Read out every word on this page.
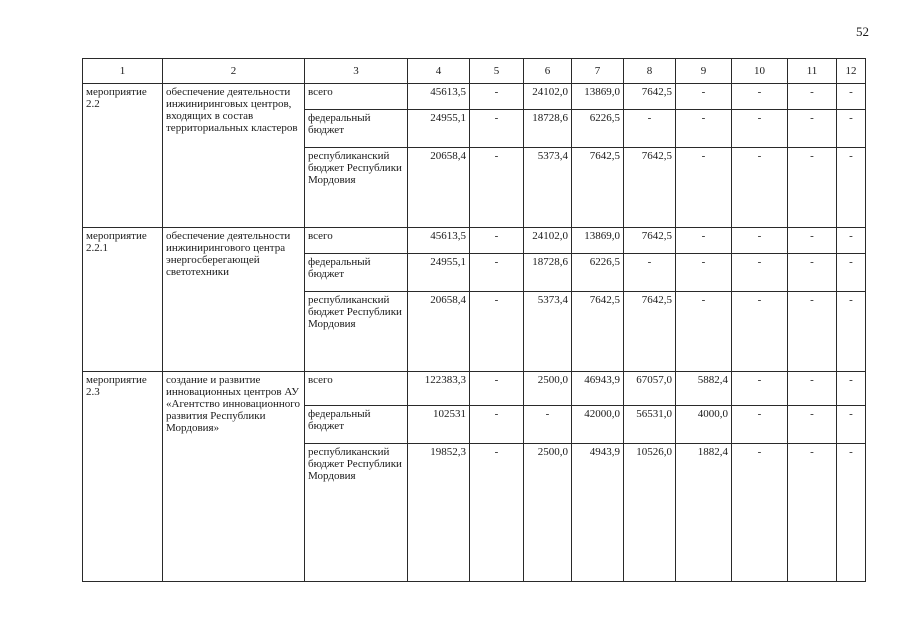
52
1	2	3	4	5	6	7	8	9	10	11	12
мероприятие 2.2	обеспечение деятельности инжиниринговых центров, входящих в состав территориальных кластеров	всего	45613,5	-	24102,0	13869,0	7642,5	-	-	-	-
		федеральный бюджет	24955,1	-	18728,6	6226,5	-	-	-	-	-
		республиканский бюджет Республики Мордовия	20658,4	-	5373,4	7642,5	7642,5	-	-	-	-
мероприятие 2.2.1	обеспечение деятельности инжинирингового центра энергосберегающей светотехники	всего	45613,5	-	24102,0	13869,0	7642,5	-	-	-	-
		федеральный бюджет	24955,1	-	18728,6	6226,5	-	-	-	-	-
		республиканский бюджет Республики Мордовия	20658,4	-	5373,4	7642,5	7642,5	-	-	-	-
мероприятие 2.3	создание и развитие инновационных центров АУ «Агентство инновационного развития Республики Мордовия»	всего	122383,3	-	2500,0	46943,9	67057,0	5882,4	-	-	-
		федеральный бюджет	102531	-	-	42000,0	56531,0	4000,0	-	-	-
		республиканский бюджет Республики Мордовия	19852,3	-	2500,0	4943,9	10526,0	1882,4	-	-	-
